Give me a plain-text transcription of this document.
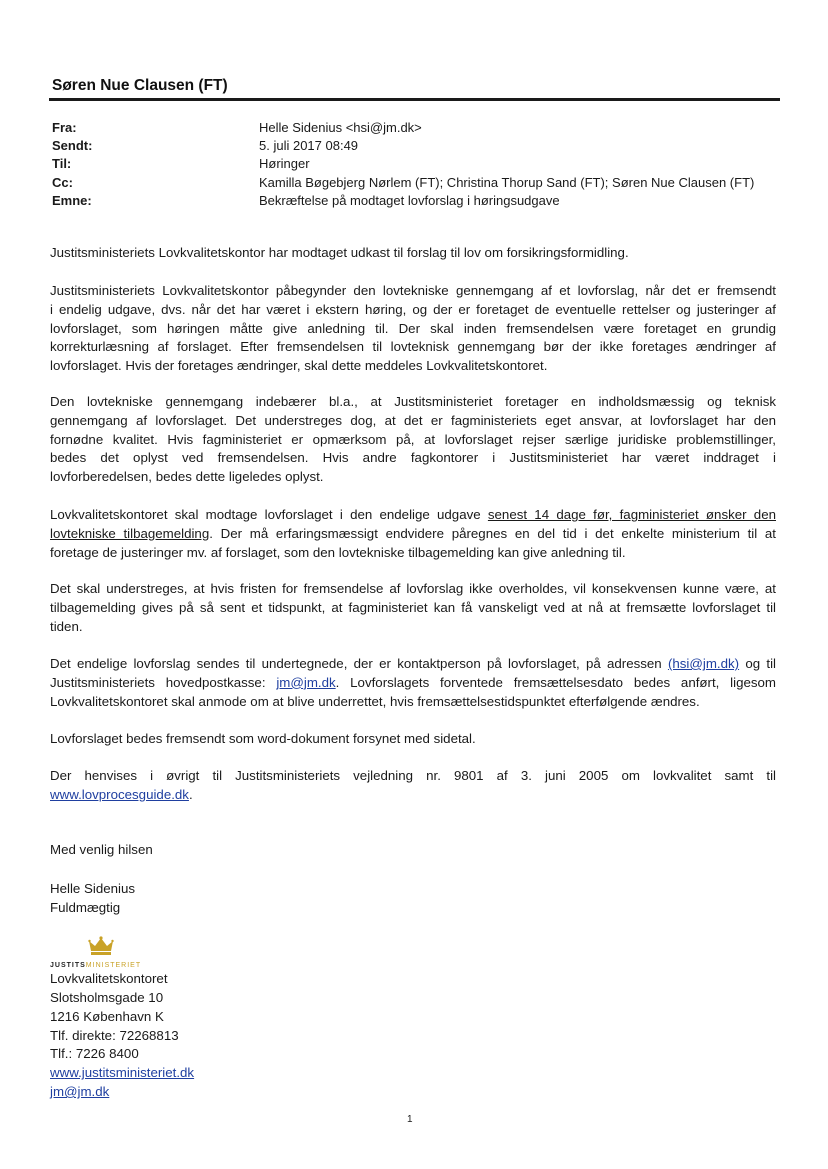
Søren Nue Clausen (FT)
Fra:	Helle Sidenius <hsi@jm.dk>
Sendt:	5. juli 2017 08:49
Til:	Høringer
Cc:	Kamilla Bøgebjerg Nørlem (FT); Christina Thorup Sand (FT); Søren Nue Clausen (FT)
Emne:	Bekræftelse på modtaget lovforslag i høringsudgave

Justitsministeriets Lovkvalitetskontor har modtaget udkast til forslag til lov om forsikringsformidling.

Justitsministeriets Lovkvalitetskontor påbegynder den lovtekniske gennemgang af et lovforslag, når det er fremsendt
i endelig udgave, dvs. når det har været i ekstern høring, og der er foretaget de eventuelle rettelser og justeringer af
lovforslaget, som høringen måtte give anledning til. Der skal inden fremsendelsen være foretaget en grundig
korrekturlæsning af forslaget. Efter fremsendelsen til lovteknisk gennemgang bør der ikke foretages ændringer af
lovforslaget. Hvis der foretages ændringer, skal dette meddeles Lovkvalitetskontoret.

Den lovtekniske gennemgang indebærer bl.a., at Justitsministeriet foretager en indholdsmæssig og teknisk
gennemgang af lovforslaget. Det understreges dog, at det er fagministeriets eget ansvar, at lovforslaget har den
fornødne kvalitet. Hvis fagministeriet er opmærksom på, at lovforslaget rejser særlige juridiske problemstillinger,
bedes det oplyst ved fremsendelsen. Hvis andre fagkontorer i Justitsministeriet har været inddraget i
lovforberedelsen, bedes dette ligeledes oplyst.

Lovkvalitetskontoret skal modtage lovforslaget i den endelige udgave senest 14 dage før, fagministeriet ønsker den
lovtekniske tilbagemelding. Der må erfaringsmæssigt endvidere påregnes en del tid i det enkelte ministerium til at
foretage de justeringer mv. af forslaget, som den lovtekniske tilbagemelding kan give anledning til.

Det skal understreges, at hvis fristen for fremsendelse af lovforslag ikke overholdes, vil konsekvensen kunne være, at
tilbagemelding gives på så sent et tidspunkt, at fagministeriet kan få vanskeligt ved at nå at fremsætte lovforslaget til
tiden.

Det endelige lovforslag sendes til undertegnede, der er kontaktperson på lovforslaget, på adressen (hsi@jm.dk) og til
Justitsministeriets hovedpostkasse: jm@jm.dk. Lovforslagets forventede fremsættelsesdato bedes anført, ligesom
Lovkvalitetskontoret skal anmode om at blive underrettet, hvis fremsættelsestidspunktet efterfølgende ændres.

Lovforslaget bedes fremsendt som word-dokument forsynet med sidetal.

Der henvises i øvrigt til Justitsministeriets vejledning nr. 9801 af 3. juni 2005 om lovkvalitet samt til
www.lovprocesguide.dk.

Med venlig hilsen
Helle Sidenius
Fuldmægtig
JUSTITSMINISTERIET
Lovkvalitetskontoret
Slotsholmsgade 10
1216 København K
Tlf. direkte: 72268813
Tlf.: 7226 8400
www.justitsministeriet.dk
jm@jm.dk
1
